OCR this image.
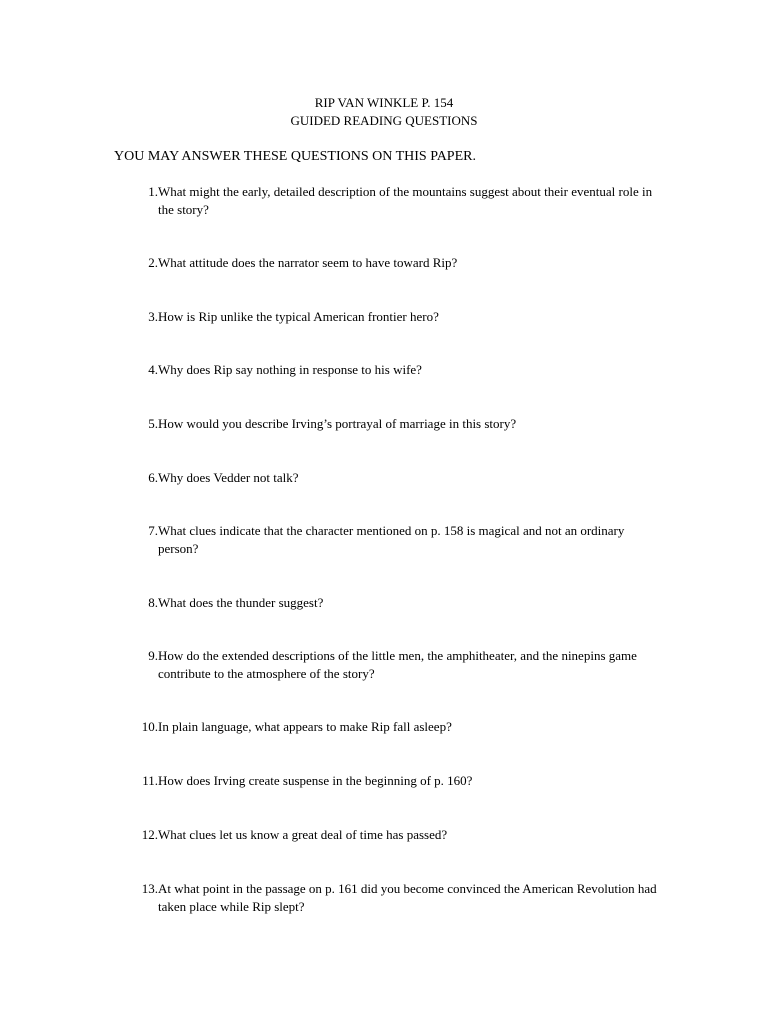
RIP VAN WINKLE P. 154
GUIDED READING QUESTIONS
YOU MAY ANSWER THESE QUESTIONS ON THIS PAPER.
1. What might the early, detailed description of the mountains suggest about their eventual role in the story?
2. What attitude does the narrator seem to have toward Rip?
3. How is Rip unlike the typical American frontier hero?
4. Why does Rip say nothing in response to his wife?
5. How would you describe Irving’s portrayal of marriage in this story?
6. Why does Vedder not talk?
7. What clues indicate that the character mentioned on p. 158 is magical and not an ordinary person?
8. What does the thunder suggest?
9. How do the extended descriptions of the little men, the amphitheater, and the ninepins game contribute to the atmosphere of the story?
10. In plain language, what appears to make Rip fall asleep?
11. How does Irving create suspense in the beginning of p. 160?
12. What clues let us know a great deal of time has passed?
13. At what point in the passage on p. 161 did you become convinced the American Revolution had taken place while Rip slept?
